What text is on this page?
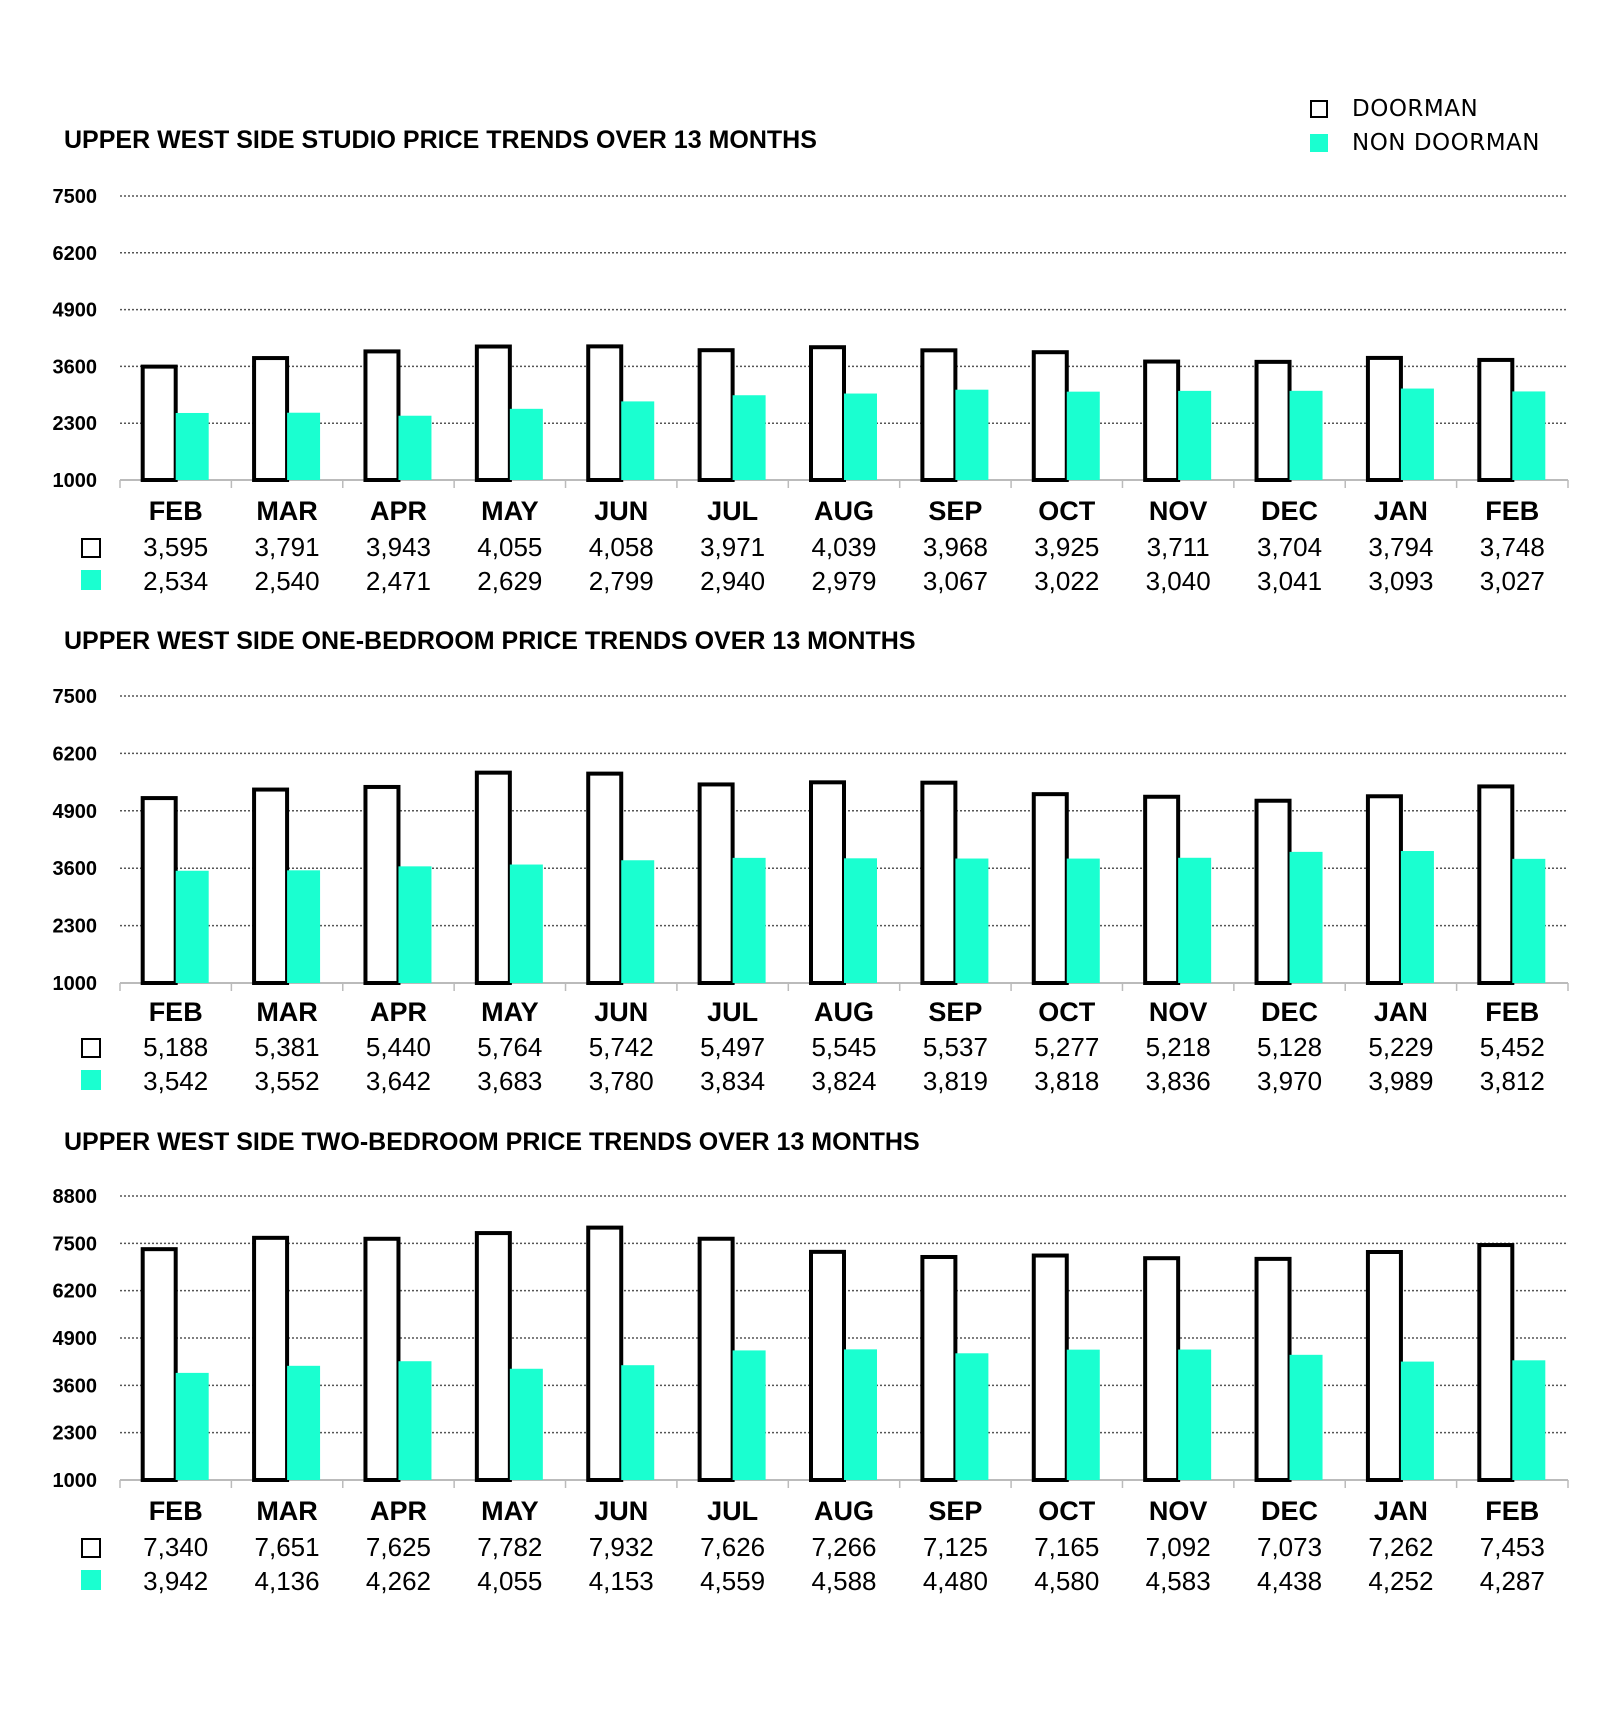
DOORMAN
NON DOORMAN
UPPER WEST SIDE STUDIO PRICE TRENDS OVER 13 MONTHS
1000
2300
3600
4900
6200
7500
FEB
3,595
2,534
MAR
3,791
2,540
APR
3,943
2,471
MAY
4,055
2,629
JUN
4,058
2,799
JUL
3,971
2,940
AUG
4,039
2,979
SEP
3,968
3,067
OCT
3,925
3,022
NOV
3,711
3,040
DEC
3,704
3,041
JAN
3,794
3,093
FEB
3,748
3,027
UPPER WEST SIDE ONE-BEDROOM PRICE TRENDS OVER 13 MONTHS
1000
2300
3600
4900
6200
7500
FEB
5,188
3,542
MAR
5,381
3,552
APR
5,440
3,642
MAY
5,764
3,683
JUN
5,742
3,780
JUL
5,497
3,834
AUG
5,545
3,824
SEP
5,537
3,819
OCT
5,277
3,818
NOV
5,218
3,836
DEC
5,128
3,970
JAN
5,229
3,989
FEB
5,452
3,812
UPPER WEST SIDE TWO-BEDROOM PRICE TRENDS OVER 13 MONTHS
1000
2300
3600
4900
6200
7500
8800
FEB
7,340
3,942
MAR
7,651
4,136
APR
7,625
4,262
MAY
7,782
4,055
JUN
7,932
4,153
JUL
7,626
4,559
AUG
7,266
4,588
SEP
7,125
4,480
OCT
7,165
4,580
NOV
7,092
4,583
DEC
7,073
4,438
JAN
7,262
4,252
FEB
7,453
4,287
